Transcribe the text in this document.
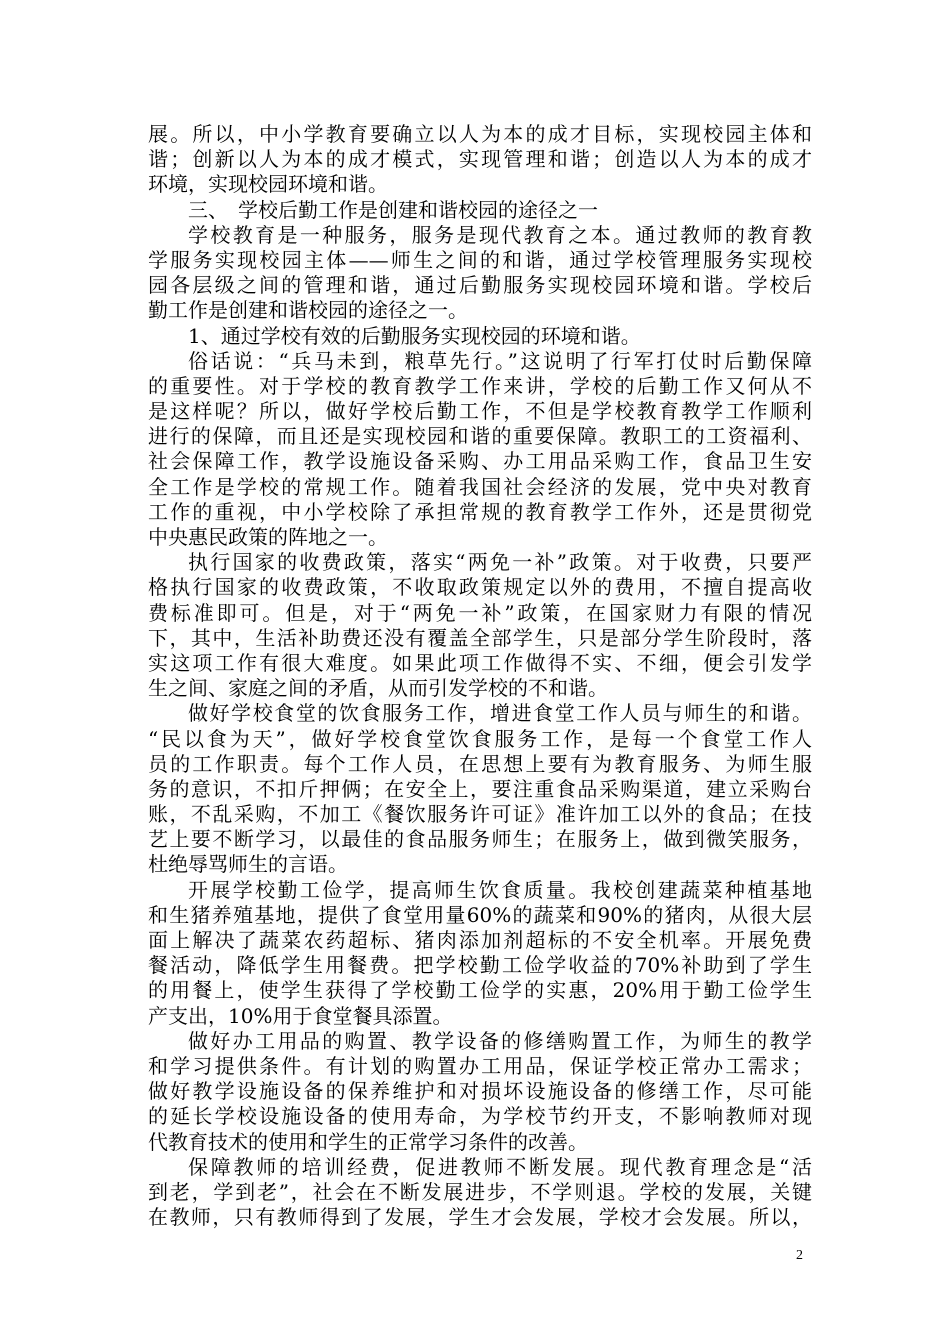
展。所以，中小学教育要确立以人为本的成才目标，实现校园主体和
谐；创新以人为本的成才模式，实现管理和谐；创造以人为本的成才
环境，实现校园环境和谐。
三、　学校后勤工作是创建和谐校园的途径之一
学校教育是一种服务，服务是现代教育之本。通过教师的教育教
学服务实现校园主体——师生之间的和谐，通过学校管理服务实现校
园各层级之间的管理和谐，通过后勤服务实现校园环境和谐。学校后
勤工作是创建和谐校园的途径之一。
1、通过学校有效的后勤服务实现校园的环境和谐。
俗话说：“兵马未到，粮草先行。”这说明了行军打仗时后勤保障
的重要性。对于学校的教育教学工作来讲，学校的后勤工作又何从不
是这样呢？所以，做好学校后勤工作，不但是学校教育教学工作顺利
进行的保障，而且还是实现校园和谐的重要保障。教职工的工资福利、
社会保障工作，教学设施设备采购、办工用品采购工作，食品卫生安
全工作是学校的常规工作。随着我国社会经济的发展，党中央对教育
工作的重视，中小学校除了承担常规的教育教学工作外，还是贯彻党
中央惠民政策的阵地之一。
执行国家的收费政策，落实“两免一补”政策。对于收费，只要严
格执行国家的收费政策，不收取政策规定以外的费用，不擅自提高收
费标准即可。但是，对于“两免一补”政策，在国家财力有限的情况
下，其中，生活补助费还没有覆盖全部学生，只是部分学生阶段时，落
实这项工作有很大难度。如果此项工作做得不实、不细，便会引发学
生之间、家庭之间的矛盾，从而引发学校的不和谐。
做好学校食堂的饮食服务工作，增进食堂工作人员与师生的和谐。
“民以食为天”，做好学校食堂饮食服务工作，是每一个食堂工作人
员的工作职责。每个工作人员，在思想上要有为教育服务、为师生服
务的意识，不扣斤押俩；在安全上，要注重食品采购渠道，建立采购台
账，不乱采购，不加工《餐饮服务许可证》准许加工以外的食品；在技
艺上要不断学习，以最佳的食品服务师生；在服务上，做到微笑服务，
杜绝辱骂师生的言语。
开展学校勤工俭学，提高师生饮食质量。我校创建蔬菜种植基地
和生猪养殖基地，提供了食堂用量60%的蔬菜和90%的猪肉，从很大层
面上解决了蔬菜农药超标、猪肉添加剂超标的不安全机率。开展免费
餐活动，降低学生用餐费。把学校勤工俭学收益的70%补助到了学生
的用餐上，使学生获得了学校勤工俭学的实惠，20%用于勤工俭学生
产支出，10%用于食堂餐具添置。
做好办工用品的购置、教学设备的修缮购置工作，为师生的教学
和学习提供条件。有计划的购置办工用品，保证学校正常办工需求；
做好教学设施设备的保养维护和对损坏设施设备的修缮工作，尽可能
的延长学校设施设备的使用寿命，为学校节约开支，不影响教师对现
代教育技术的使用和学生的正常学习条件的改善。
保障教师的培训经费，促进教师不断发展。现代教育理念是“活
到老，学到老”，社会在不断发展进步，不学则退。学校的发展，关键
在教师，只有教师得到了发展，学生才会发展，学校才会发展。所以，
2
